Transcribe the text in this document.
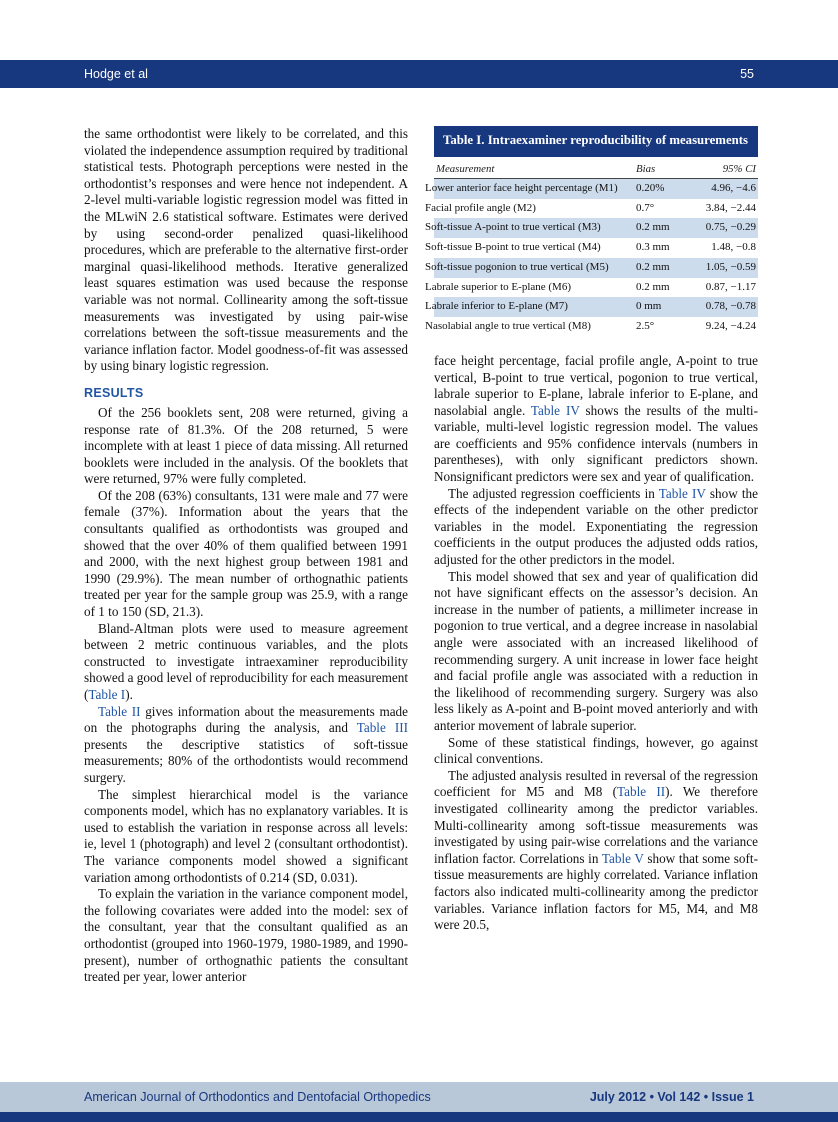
Hodge et al	55

the same orthodontist were likely to be correlated, and this violated the independence assumption required by traditional statistical tests. Photograph perceptions were nested in the orthodontist’s responses and were hence not independent. A 2-level multi-variable logistic regression model was fitted in the MLwiN 2.6 statistical software. Estimates were derived by using second-order penalized quasi-likelihood procedures, which are preferable to the alternative first-order marginal quasi-likelihood methods. Iterative generalized least squares estimation was used because the response variable was not normal. Collinearity among the soft-tissue measurements was investigated by using pair-wise correlations between the soft-tissue measurements and the variance inflation factor. Model goodness-of-fit was assessed by using binary logistic regression.

RESULTS

Of the 256 booklets sent, 208 were returned, giving a response rate of 81.3%. Of the 208 returned, 5 were incomplete with at least 1 piece of data missing. All returned booklets were included in the analysis. Of the booklets that were returned, 97% were fully completed.

Of the 208 (63%) consultants, 131 were male and 77 were female (37%). Information about the years that the consultants qualified as orthodontists was grouped and showed that the over 40% of them qualified between 1991 and 2000, with the next highest group between 1981 and 1990 (29.9%). The mean number of orthognathic patients treated per year for the sample group was 25.9, with a range of 1 to 150 (SD, 21.3).

Bland-Altman plots were used to measure agreement between 2 metric continuous variables, and the plots constructed to investigate intraexaminer reproducibility showed a good level of reproducibility for each measurement (Table I).

Table II gives information about the measurements made on the photographs during the analysis, and Table III presents the descriptive statistics of soft-tissue measurements; 80% of the orthodontists would recommend surgery.

The simplest hierarchical model is the variance components model, which has no explanatory variables. It is used to establish the variation in response across all levels: ie, level 1 (photograph) and level 2 (consultant orthodontist). The variance components model showed a significant variation among orthodontists of 0.214 (SD, 0.031).

To explain the variation in the variance component model, the following covariates were added into the model: sex of the consultant, year that the consultant qualified as an orthodontist (grouped into 1960-1979, 1980-1989, and 1990-present), number of orthognathic patients the consultant treated per year, lower anterior

Table I. Intraexaminer reproducibility of measurements
Measurement	Bias	95% CI
Lower anterior face height percentage (M1)	0.20%	4.96, −4.6
Facial profile angle (M2)	0.7°	3.84, −2.44
Soft-tissue A-point to true vertical (M3)	0.2 mm	0.75, −0.29
Soft-tissue B-point to true vertical (M4)	0.3 mm	1.48, −0.8
Soft-tissue pogonion to true vertical (M5)	0.2 mm	1.05, −0.59
Labrale superior to E-plane (M6)	0.2 mm	0.87, −1.17
Labrale inferior to E-plane (M7)	0 mm	0.78, −0.78
Nasolabial angle to true vertical (M8)	2.5°	9.24, −4.24

face height percentage, facial profile angle, A-point to true vertical, B-point to true vertical, pogonion to true vertical, labrale superior to E-plane, labrale inferior to E-plane, and nasolabial angle. Table IV shows the results of the multi-variable, multi-level logistic regression model. The values are coefficients and 95% confidence intervals (numbers in parentheses), with only significant predictors shown. Nonsignificant predictors were sex and year of qualification.

The adjusted regression coefficients in Table IV show the effects of the independent variable on the other predictor variables in the model. Exponentiating the regression coefficients in the output produces the adjusted odds ratios, adjusted for the other predictors in the model.

This model showed that sex and year of qualification did not have significant effects on the assessor’s decision. An increase in the number of patients, a millimeter increase in pogonion to true vertical, and a degree increase in nasolabial angle were associated with an increased likelihood of recommending surgery. A unit increase in lower face height and facial profile angle was associated with a reduction in the likelihood of recommending surgery. Surgery was also less likely as A-point and B-point moved anteriorly and with anterior movement of labrale superior.

Some of these statistical findings, however, go against clinical conventions.

The adjusted analysis resulted in reversal of the regression coefficient for M5 and M8 (Table II). We therefore investigated collinearity among the predictor variables. Multi-collinearity among soft-tissue measurements was investigated by using pair-wise correlations and the variance inflation factor. Correlations in Table V show that some soft-tissue measurements are highly correlated. Variance inflation factors also indicated multi-collinearity among the predictor variables. Variance inflation factors for M5, M4, and M8 were 20.5,

American Journal of Orthodontics and Dentofacial Orthopedics	July 2012 • Vol 142 • Issue 1
